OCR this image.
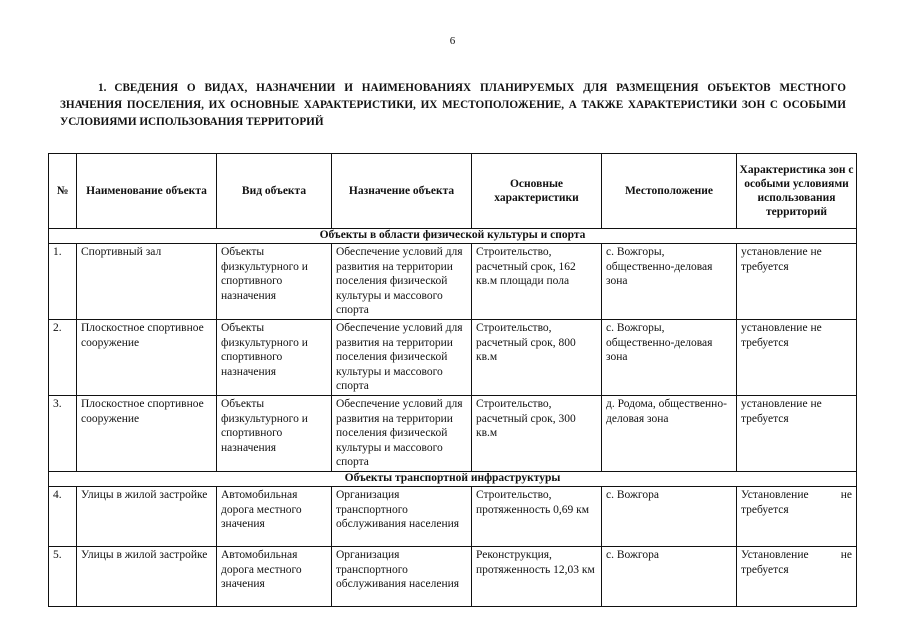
6
1. СВЕДЕНИЯ О ВИДАХ, НАЗНАЧЕНИИ И НАИМЕНОВАНИЯХ ПЛАНИРУЕМЫХ ДЛЯ РАЗМЕЩЕНИЯ ОБЪЕКТОВ МЕСТНОГО ЗНАЧЕНИЯ ПОСЕЛЕНИЯ, ИХ ОСНОВНЫЕ ХАРАКТЕРИСТИКИ, ИХ МЕСТОПОЛОЖЕНИЕ, А ТАКЖЕ ХАРАКТЕРИСТИКИ ЗОН С ОСОБЫМИ УСЛОВИЯМИ ИСПОЛЬЗОВАНИЯ ТЕРРИТОРИЙ
№	Наименование объекта	Вид объекта	Назначение объекта	Основные характеристики	Местоположение	Характеристика зон с особыми условиями использования территорий
Объекты в области физической культуры и спорта						
1.	Спортивный зал	Объекты физкультурного и спортивного назначения	Обеспечение условий для развития на территории поселения физической культуры и массового спорта	Строительство, расчетный срок, 162 кв.м площади пола	с. Вожгоры, общественно-деловая зона	установление не требуется
2.	Плоскостное спортивное сооружение	Объекты физкультурного и спортивного назначения	Обеспечение условий для развития на территории поселения физической культуры и массового спорта	Строительство, расчетный срок, 800 кв.м	с. Вожгоры, общественно-деловая зона	установление не требуется
3.	Плоскостное спортивное сооружение	Объекты физкультурного и спортивного назначения	Обеспечение условий для развития на территории поселения физической культуры и массового спорта	Строительство, расчетный срок, 300 кв.м	д. Родома, общественно-деловая зона	установление не требуется
Объекты транспортной инфраструктуры						
4.	Улицы в жилой застройке	Автомобильная дорога местного значения	Организация транспортного обслуживания населения	Строительство, протяженность 0,69 км	с. Вожгора	Установление не требуется
5.	Улицы в жилой застройке	Автомобильная дорога местного значения	Организация транспортного обслуживания населения	Реконструкция, протяженность 12,03 км	с. Вожгора	Установление не требуется
